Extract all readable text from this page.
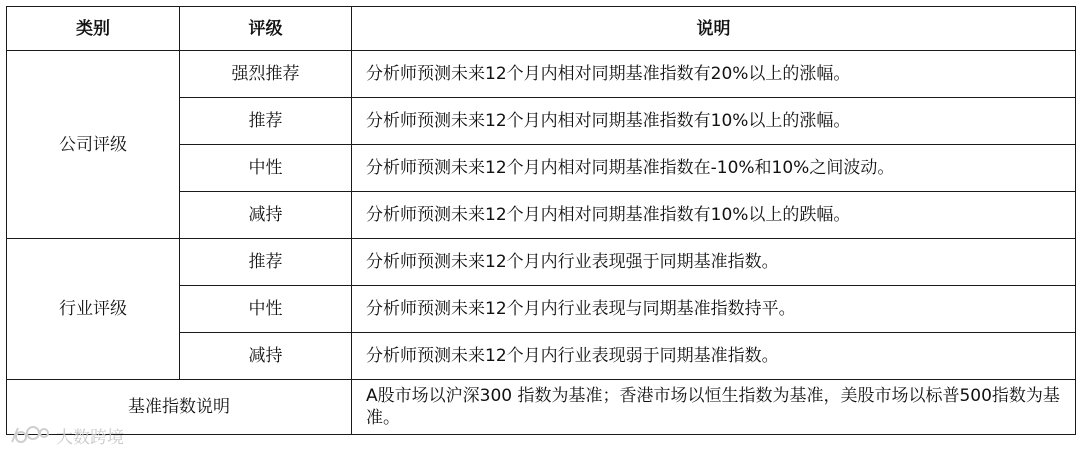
类别	评级	说明
公司评级	强烈推荐	分析师预测未来12个月内相对同期基准指数有20%以上的涨幅。
	推荐	分析师预测未来12个月内相对同期基准指数有10%以上的涨幅。
	中性	分析师预测未来12个月内相对同期基准指数在-10%和10%之间波动。
	减持	分析师预测未来12个月内相对同期基准指数有10%以上的跌幅。
行业评级	推荐	分析师预测未来12个月内行业表现强于同期基准指数。
	中性	分析师预测未来12个月内行业表现与同期基准指数持平。
	减持	分析师预测未来12个月内行业表现弱于同期基准指数。
基准指数说明		A股市场以沪深300 指数为基准；香港市场以恒生指数为基准，美股市场以标普500指数为基准。
大数跨境
